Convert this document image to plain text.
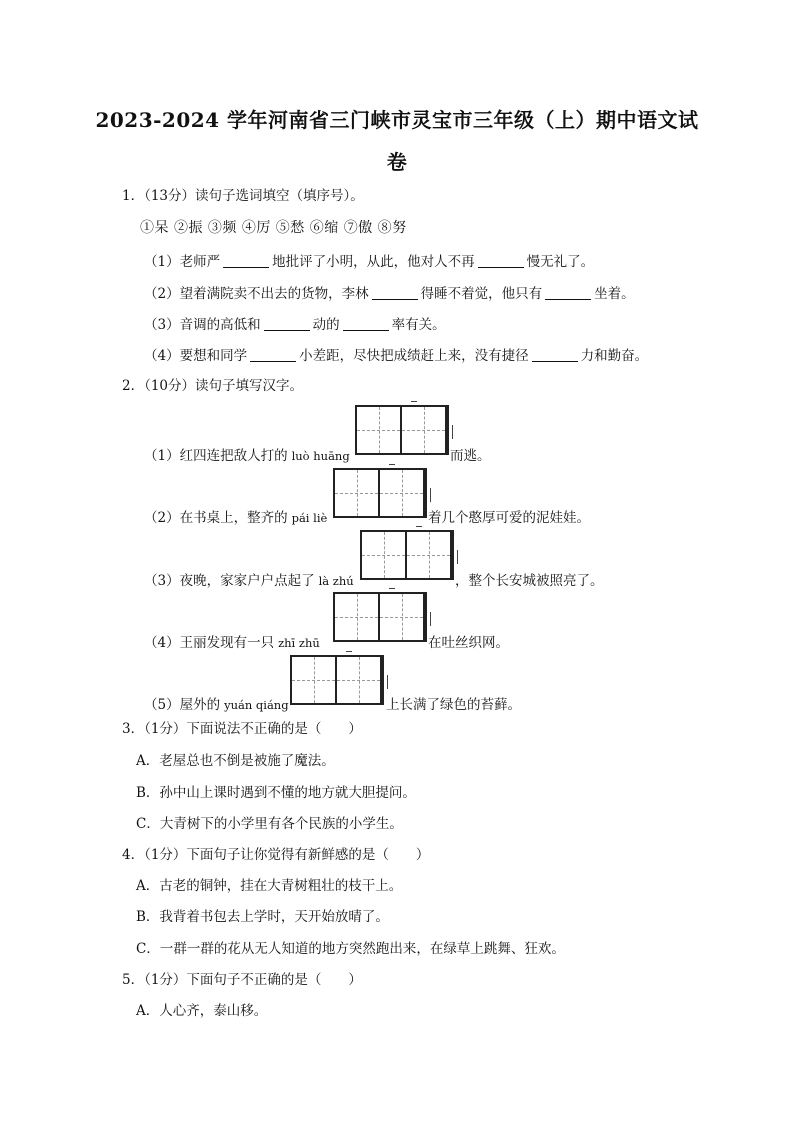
2023-2024 学年河南省三门峡市灵宝市三年级（上）期中语文试
卷
1．（13分）读句子选词填空（填序号）。
①呆 ②振 ③频 ④厉 ⑤愁 ⑥缩 ⑦傲 ⑧努
（1）老师严	地批评了小明，从此，他对人不再	慢无礼了。
（2）望着满院卖不出去的货物，李林	得睡不着觉，他只有	坐着。
（3）音调的高低和	动的	率有关。
（4）要想和同学	小差距，尽快把成绩赶上来，没有捷径	力和勤奋。
2．（10分）读句子填写汉字。
（1）红四连把敌人打的 luò huāng	而逃。
（2）在书桌上，整齐的 pái liè	着几个憨厚可爱的泥娃娃。
（3）夜晚，家家户户点起了 là zhú	，整个长安城被照亮了。
（4）王丽发现有一只 zhī zhū	在吐丝织网。
（5）屋外的 yuán qiáng	上长满了绿色的苔藓。
3．（1分）下面说法不正确的是（　　）
A．老屋总也不倒是被施了魔法。
B．孙中山上课时遇到不懂的地方就大胆提问。
C．大青树下的小学里有各个民族的小学生。
4．（1分）下面句子让你觉得有新鲜感的是（　　）
A．古老的铜钟，挂在大青树粗壮的枝干上。
B．我背着书包去上学时，天开始放晴了。
C．一群一群的花从无人知道的地方突然跑出来，在绿草上跳舞、狂欢。
5．（1分）下面句子不正确的是（　　）
A．人心齐，泰山移。
